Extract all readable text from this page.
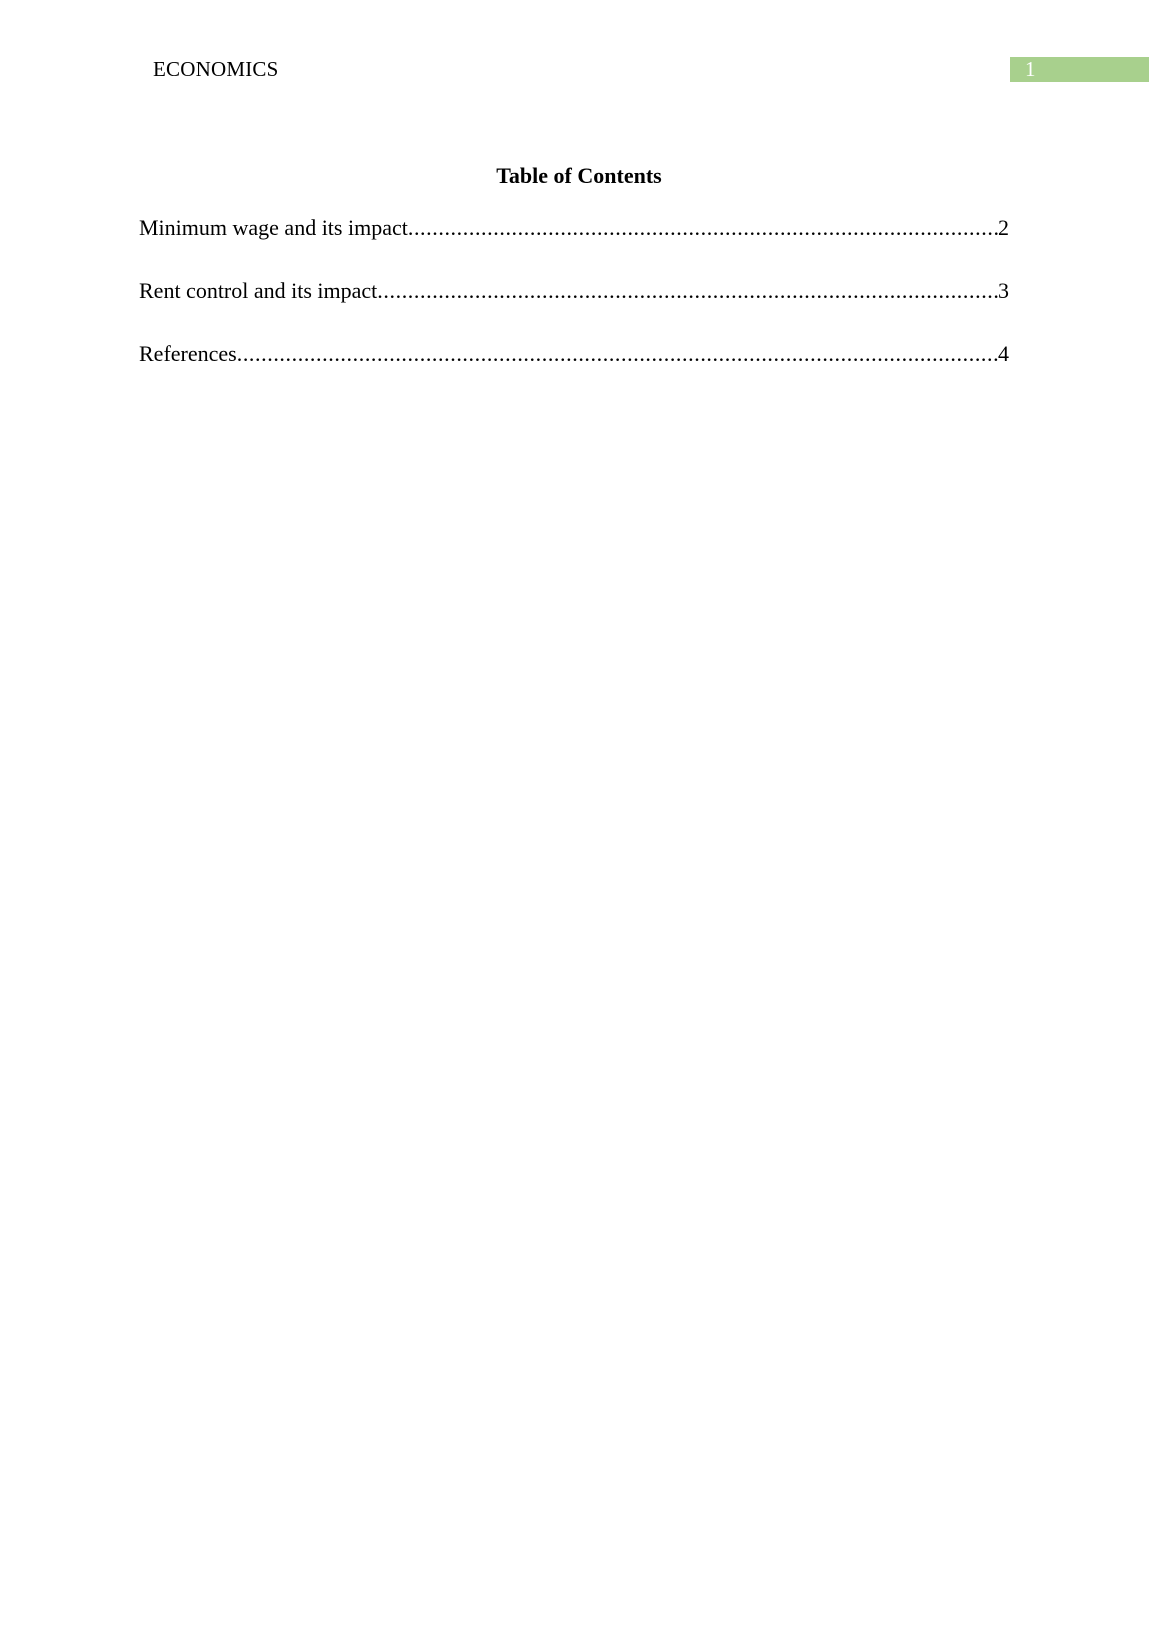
ECONOMICS	1
Table of Contents
Minimum wage and its impact .....	2
Rent control and its impact .....	3
References .....	4
